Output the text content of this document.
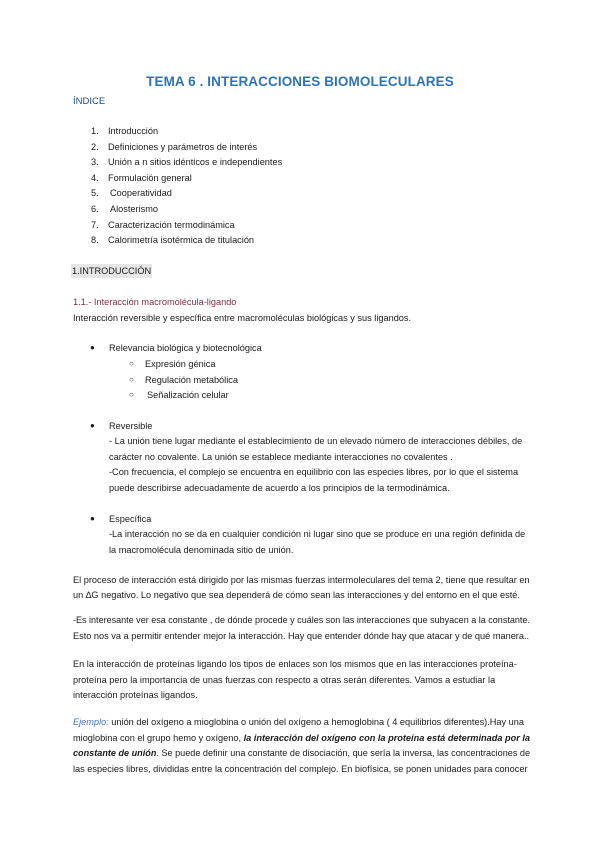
TEMA 6 . INTERACCIONES BIOMOLECULARES
ÍNDICE
1. Introducción
2. Definiciones y parámetros de interés
3. Unión a n sitios idénticos e independientes
4. Formulación general
5. Cooperatividad
6. Alosterismo
7. Caracterización termodinámica
8. Calorimetría isotérmica de titulación
1.INTRODUCCIÓN
1.1.- Interacción macromolécula-ligando
Interacción reversible y específica entre macromoléculas biológicas y sus ligandos.
● Relevancia biológica y biotecnológica
○ Expresión génica
○ Regulación metabólica
○ Señalización celular
● Reversible
- La unión tiene lugar mediante el establecimiento de un elevado número de interacciones débiles, de
carácter no covalente. La unión se establece mediante interacciones no covalentes .
-Con frecuencia, el complejo se encuentra en equilibrio con las especies libres, por lo que el sistema
puede describirse adecuadamente de acuerdo a los principios de la termodinámica.
● Específica
-La interacción no se da en cualquier condición ni lugar sino que se produce en una región definida de
la macromolécula denominada sitio de unión.
El proceso de interacción está dirigido por las mismas fuerzas intermoleculares del tema 2, tiene que resultar en
un ∆G negativo. Lo negativo que sea dependerá de cómo sean las interacciones y del entorno en el que esté.
-Es interesante ver esa constante , de dónde procede y cuáles son las interacciones que subyacen a la constante.
Esto nos va a permitir entender mejor la interacción. Hay que entender dónde hay que atacar y de qué manera..
En la interacción de proteínas ligando los tipos de enlaces son los mismos que en las interacciones proteína-
proteína pero la importancia de unas fuerzas con respecto a otras serán diferentes. Vamos a estudiar la
interacción proteínas ligandos.
Ejemplo: unión del oxígeno a mioglobina o unión del oxígeno a hemoglobina ( 4 equilibrios diferentes).Hay una
mioglobina con el grupo hemo y oxígeno, la interacción del oxígeno con la proteína está determinada por la
constante de unión. Se puede definir una constante de disociación, que sería la inversa, las concentraciones de
las especies libres, divididas entre la concentración del complejo. En biofísica, se ponen unidades para conocer
